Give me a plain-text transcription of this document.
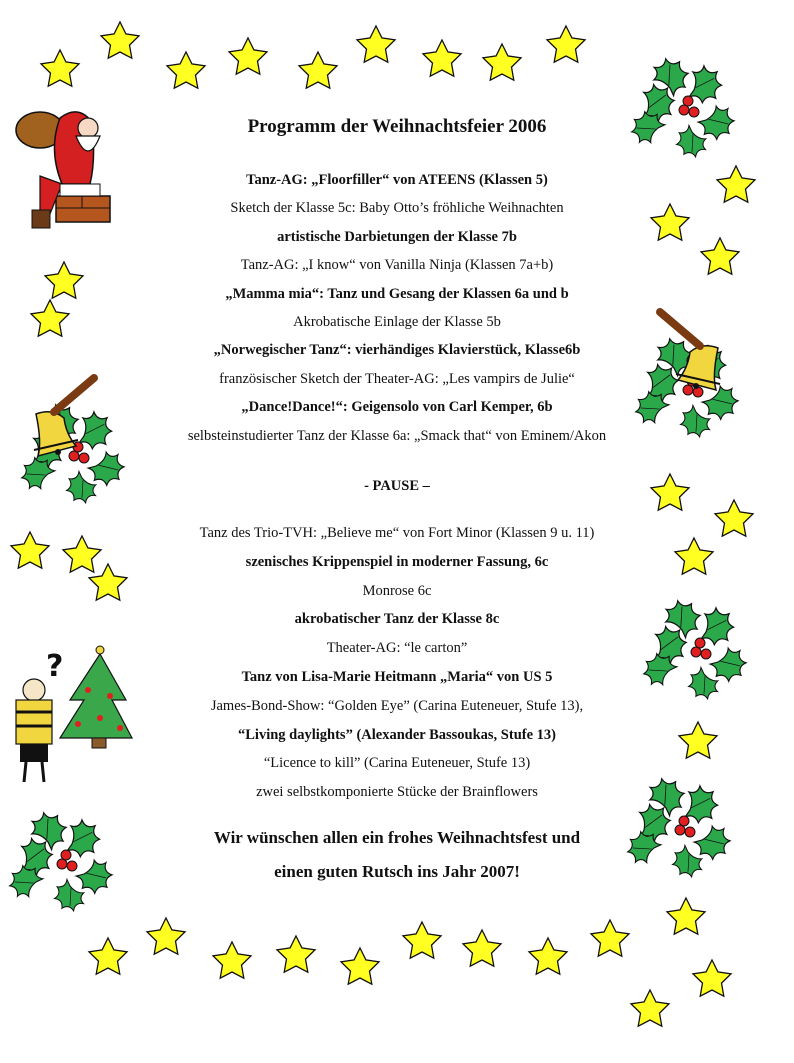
?
Programm der Weihnachtsfeier 2006
Tanz-AG: „Floorfiller“ von ATEENS (Klassen 5)
Sketch der Klasse 5c: Baby Otto’s fröhliche Weihnachten
artistische Darbietungen der Klasse 7b
Tanz-AG: „I know“ von Vanilla Ninja (Klassen 7a+b)
„Mamma mia“: Tanz und Gesang der Klassen 6a und b
Akrobatische Einlage der Klasse 5b
„Norwegischer Tanz“: vierhändiges Klavierstück, Klasse6b
französischer Sketch der Theater-AG: „Les vampirs de Julie“
„Dance!Dance!“: Geigensolo von Carl Kemper, 6b
selbsteinstudierter Tanz der Klasse 6a: „Smack that“ von Eminem/Akon
- PAUSE –
Tanz des Trio-TVH: „Believe me“ von Fort Minor (Klassen 9 u. 11)
szenisches Krippenspiel in moderner Fassung, 6c
Monrose 6c
akrobatischer Tanz der Klasse 8c
Theater-AG: “le carton”
Tanz von Lisa-Marie Heitmann „Maria“ von US 5
James-Bond-Show: “Golden Eye” (Carina Euteneuer, Stufe 13),
“Living daylights” (Alexander Bassoukas, Stufe 13)
“Licence to kill” (Carina Euteneuer, Stufe 13)
zwei selbstkomponierte Stücke der Brainflowers
Wir wünschen allen ein frohes Weihnachtsfest und
einen guten Rutsch ins Jahr 2007!
